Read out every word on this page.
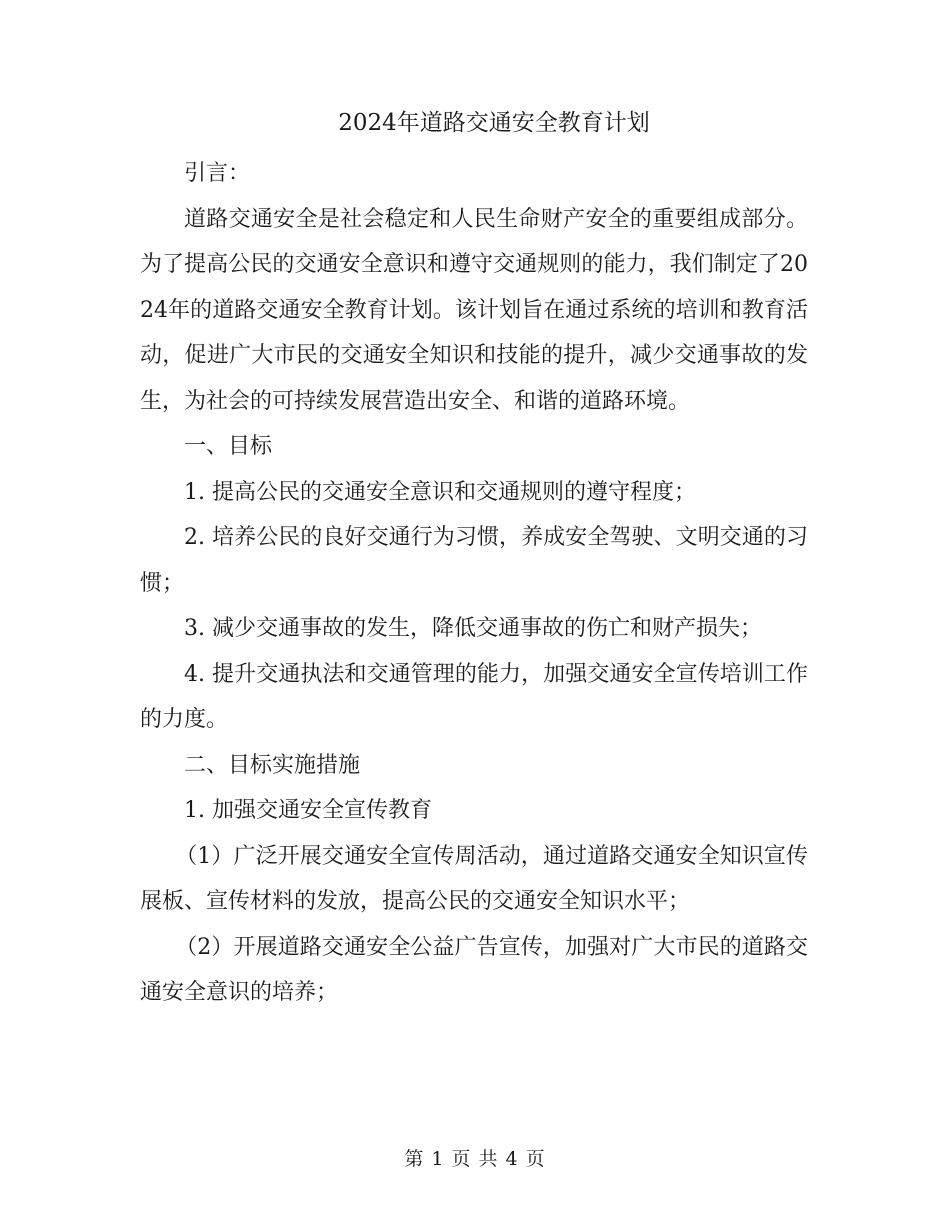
2024年道路交通安全教育计划

引言：

道路交通安全是社会稳定和人民生命财产安全的重要组成部分。为了提高公民的交通安全意识和遵守交通规则的能力，我们制定了2024年的道路交通安全教育计划。该计划旨在通过系统的培训和教育活动，促进广大市民的交通安全知识和技能的提升，减少交通事故的发生，为社会的可持续发展营造出安全、和谐的道路环境。

一、目标

1. 提高公民的交通安全意识和交通规则的遵守程度；

2. 培养公民的良好交通行为习惯，养成安全驾驶、文明交通的习惯；

3. 减少交通事故的发生，降低交通事故的伤亡和财产损失；

4. 提升交通执法和交通管理的能力，加强交通安全宣传培训工作的力度。

二、目标实施措施

1. 加强交通安全宣传教育

（1）广泛开展交通安全宣传周活动，通过道路交通安全知识宣传展板、宣传材料的发放，提高公民的交通安全知识水平；

（2）开展道路交通安全公益广告宣传，加强对广大市民的道路交通安全意识的培养；

第 1 页 共 4 页
